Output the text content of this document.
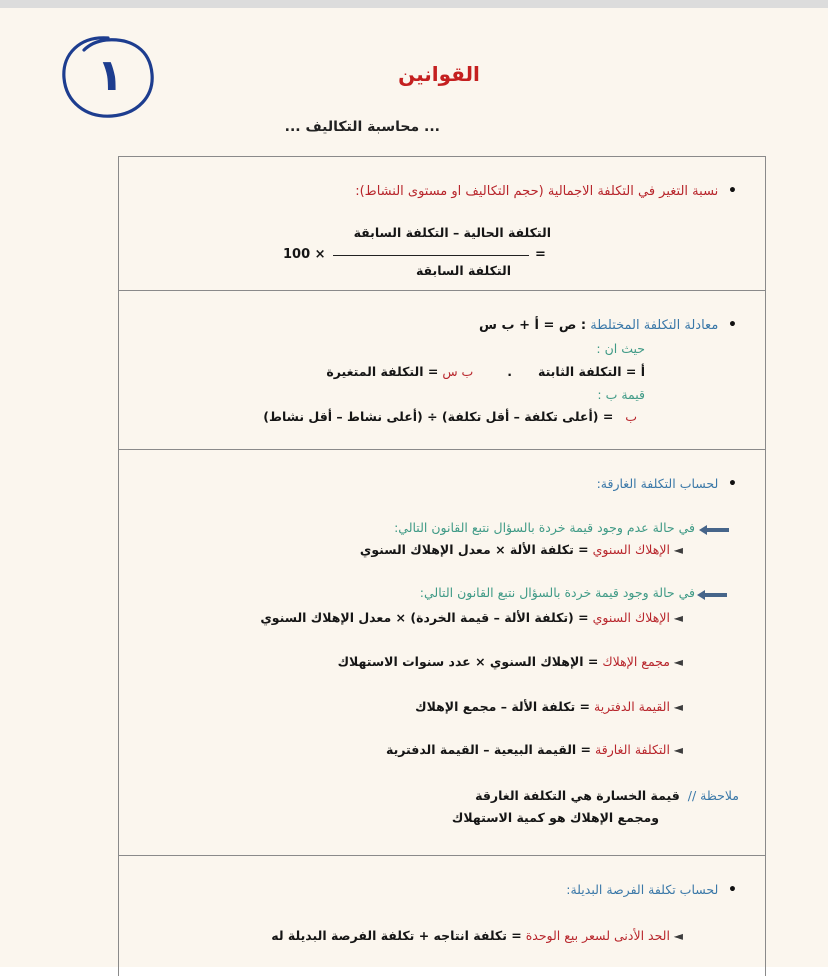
١	القوانين
... محاسبة التكاليف ...
•  نسبة التغير في التكلفة الاجمالية (حجم التكاليف او مستوى النشاط):
التكلفة الحالية – التكلفة السابقة
التكلفة السابقة
=
100 ×
•  معادلة التكلفة المختلطة : ص = أ + ب س
حيث ان :
أ = التكلفة الثابتة  .  ب س = التكلفة المتغيرة
قيمة ب :
ب   = (أعلى تكلفة – أقل تكلفة) ÷ (أعلى نشاط – أقل نشاط)
•  لحساب التكلفة الغارقة:
في حالة عدم وجود قيمة خردة بالسؤال نتبع القانون التالي:
◄ الإهلاك السنوي = تكلفة الألة × معدل الإهلاك السنوي
في حالة وجود قيمة خردة بالسؤال نتبع القانون التالي:
◄ الإهلاك السنوي = (تكلفة الألة – قيمة الخردة) × معدل الإهلاك السنوي
◄ مجمع الإهلاك = الإهلاك السنوي × عدد سنوات الاستهلاك
◄ القيمة الدفترية = تكلفة الألة – مجمع الإهلاك
◄ التكلفة الغارقة = القيمة البيعية – القيمة الدفترية
ملاحظة //  قيمة الخسارة هي التكلفة الغارقة
ومجمع الإهلاك هو كمية الاستهلاك
•  لحساب تكلفة الفرصة البديلة:
◄ الحد الأدنى لسعر بيع الوحدة = تكلفة انتاجه + تكلفة الفرصة البديلة له
